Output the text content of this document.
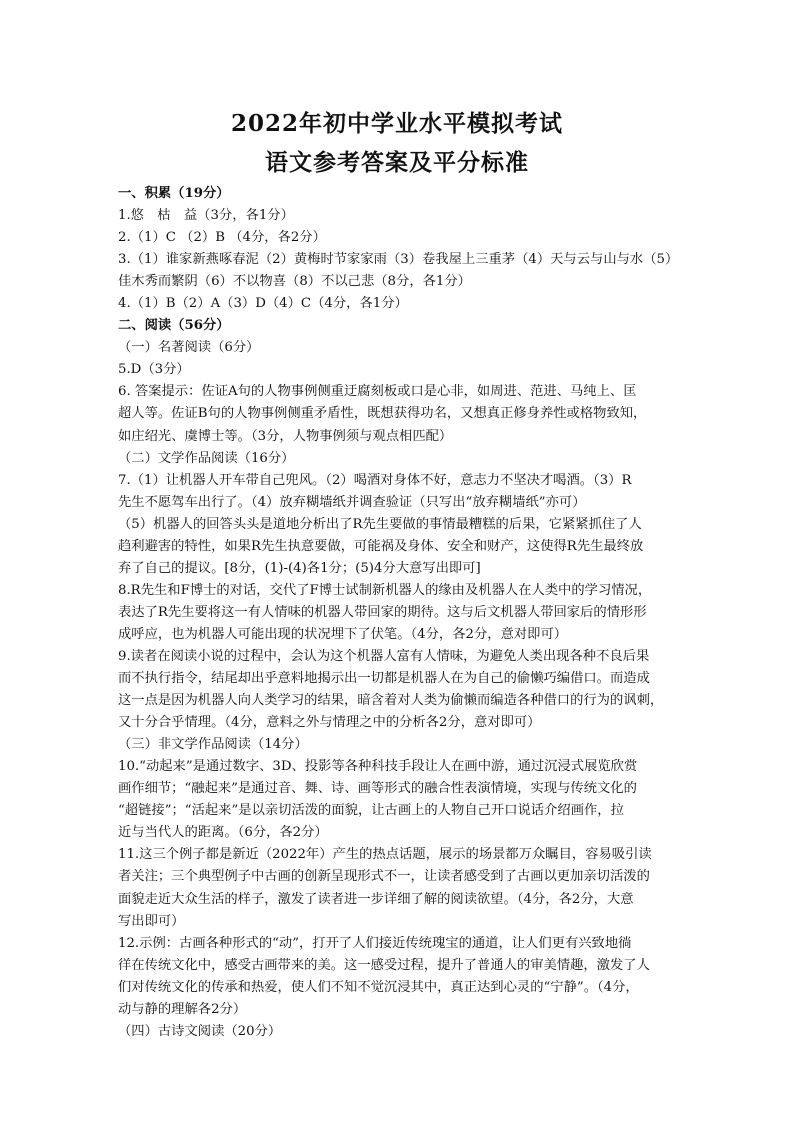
2022年初中学业水平模拟考试
语文参考答案及平分标准
一、积累（19分）
1.悠　枯　益（3分，各1分）
2.（1）C （2）B （4分，各2分）
3.（1）谁家新燕啄春泥（2）黄梅时节家家雨（3）卷我屋上三重茅（4）天与云与山与水（5）
佳木秀而繁阴（6）不以物喜（8）不以己悲（8分，各1分）
4.（1）B（2）A（3）D（4）C（4分，各1分）
二、阅读（56分）
（一）名著阅读（6分）
5.D（3分）
6. 答案提示：佐证A句的人物事例侧重迂腐刻板或口是心非，如周进、范进、马纯上、匡
超人等。佐证B句的人物事例侧重矛盾性，既想获得功名，又想真正修身养性或格物致知，
如庄绍光、虞博士等。（3分，人物事例须与观点相匹配）
（二）文学作品阅读（16分）
7.（1）让机器人开车带自己兜风。（2）喝酒对身体不好，意志力不坚决才喝酒。（3）R
先生不愿驾车出行了。（4）放弃糊墙纸并调查验证（只写出“放弃糊墙纸”亦可）
（5）机器人的回答头头是道地分析出了R先生要做的事情最糟糕的后果，它紧紧抓住了人
趋利避害的特性，如果R先生执意要做，可能祸及身体、安全和财产，这使得R先生最终放
弃了自己的提议。[8分，(1)-(4)各1分；(5)4分大意写出即可]
8.R先生和F博士的对话，交代了F博士试制新机器人的缘由及机器人在人类中的学习情况，
表达了R先生要将这一有人情味的机器人带回家的期待。这与后文机器人带回家后的情形形
成呼应，也为机器人可能出现的状况埋下了伏笔。（4分，各2分，意对即可）
9.读者在阅读小说的过程中，会认为这个机器人富有人情味，为避免人类出现各种不良后果
而不执行指令，结尾却出乎意料地揭示出一切都是机器人在为自己的偷懒巧编借口。而造成
这一点是因为机器人向人类学习的结果，暗含着对人类为偷懒而编造各种借口的行为的讽刺，
又十分合乎情理。（4分，意料之外与情理之中的分析各2分，意对即可）
（三）非文学作品阅读（14分）
10.“动起来”是通过数字、3D、投影等各种科技手段让人在画中游，通过沉浸式展览欣赏
画作细节；“融起来”是通过音、舞、诗、画等形式的融合性表演情境，实现与传统文化的
“超链接”；“活起来”是以亲切活泼的面貌，让古画上的人物自己开口说话介绍画作，拉
近与当代人的距离。（6分，各2分）
11.这三个例子都是新近（2022年）产生的热点话题，展示的场景都万众瞩目，容易吸引读
者关注；三个典型例子中古画的创新呈现形式不一，让读者感受到了古画以更加亲切活泼的
面貌走近大众生活的样子，激发了读者进一步详细了解的阅读欲望。（4分，各2分，大意
写出即可）
12.示例：古画各种形式的“动”，打开了人们接近传统瑰宝的通道，让人们更有兴致地徜
徉在传统文化中，感受古画带来的美。这一感受过程，提升了普通人的审美情趣，激发了人
们对传统文化的传承和热爱，使人们不知不觉沉浸其中，真正达到心灵的“宁静”。（4分，
动与静的理解各2分）
（四）古诗文阅读（20分）
